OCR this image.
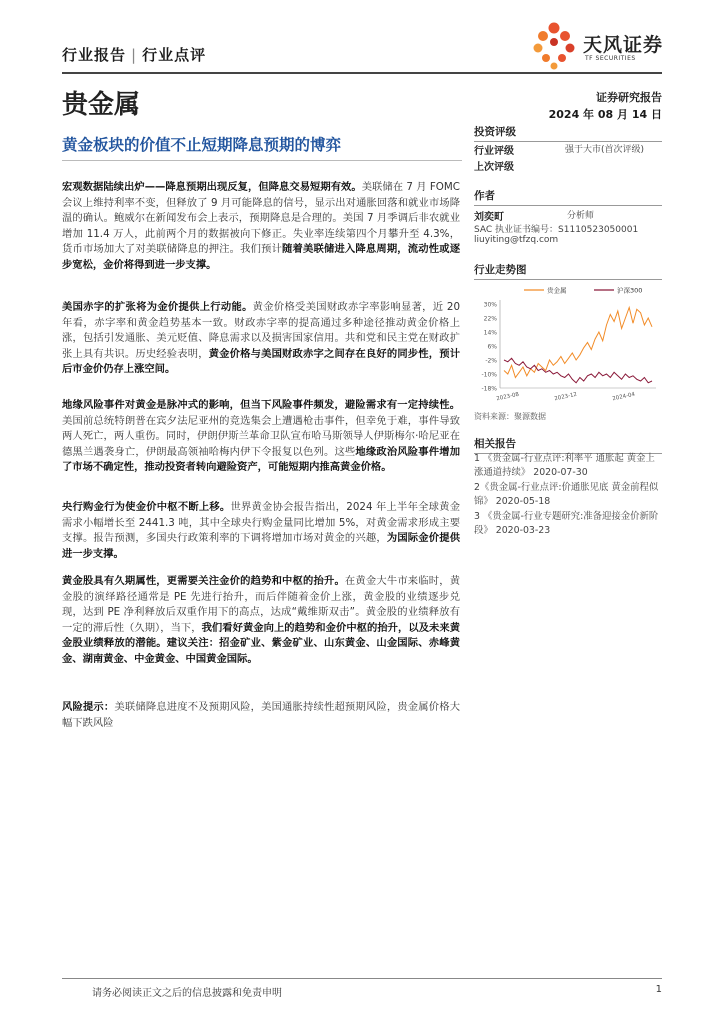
行业报告 | 行业点评	天风证券
TF SECURITIES
贵金属	证券研究报告
2024 年 08 月 14 日
黄金板块的价值不止短期降息预期的博弈
宏观数据陆续出炉——降息预期出现反复，但降息交易短期有效。美联储在 7 月 FOMC 会议上维持利率不变，但释放了 9 月可能降息的信号，显示出对通胀回落和就业市场降温的确认。鲍威尔在新闻发布会上表示，预期降息是合理的。美国 7 月季调后非农就业增加 11.4 万人，此前两个月的数据被向下修正。失业率连续第四个月攀升至 4.3%，货币市场加大了对美联储降息的押注。我们预计随着美联储进入降息周期，流动性或逐步宽松，金价将得到进一步支撑。
美国赤字的扩张将为金价提供上行动能。黄金价格受美国财政赤字率影响显著，近 20 年看，赤字率和黄金趋势基本一致。财政赤字率的提高通过多种途径推动黄金价格上涨，包括引发通胀、美元贬值、降息需求以及损害国家信用。共和党和民主党在财政扩张上具有共识。历史经验表明，黄金价格与美国财政赤字之间存在良好的同步性，预计后市金价仍存上涨空间。
地缘风险事件对黄金是脉冲式的影响，但当下风险事件频发，避险需求有一定持续性。美国前总统特朗普在宾夕法尼亚州的竞选集会上遭遇枪击事件，但幸免于难，事件导致两人死亡，两人重伤。同时，伊朗伊斯兰革命卫队宣布哈马斯领导人伊斯梅尔·哈尼亚在德黑兰遇袭身亡，伊朗最高领袖哈梅内伊下令报复以色列。这些地缘政治风险事件增加了市场不确定性，推动投资者转向避险资产，可能短期内推高黄金价格。
央行购金行为使金价中枢不断上移。世界黄金协会报告指出，2024 年上半年全球黄金需求小幅增长至 2441.3 吨，其中全球央行购金量同比增加 5%，对黄金需求形成主要支撑。报告预测，多国央行政策利率的下调将增加市场对黄金的兴趣，为国际金价提供进一步支撑。
黄金股具有久期属性，更需要关注金价的趋势和中枢的抬升。在黄金大牛市来临时，黄金股的演绎路径通常是 PE 先进行抬升，而后伴随着金价上涨，黄金股的业绩逐步兑现，达到 PE 净利释放后双重作用下的高点，达成“戴维斯双击”。黄金股的业绩释放有一定的滞后性（久期），当下，我们看好黄金向上的趋势和金价中枢的抬升，以及未来黄金股业绩释放的潜能。建议关注：招金矿业、紫金矿业、山东黄金、山金国际、赤峰黄金、湖南黄金、中金黄金、中国黄金国际。
风险提示：美联储降息进度不及预期风险，美国通胀持续性超预期风险，贵金属价格大幅下跌风险
投资评级
行业评级	强于大市(首次评级)
上次评级
作者
刘奕町	分析师
SAC 执业证书编号：S1110523050001
liuyiting@tfzq.com
行业走势图
30%
22%
14%
6%
-2%
-10%
-18%
2023-08	2023-12	2024-04
贵金属	沪深300
资料来源：聚源数据
相关报告
1 《贵金属-行业点评:利率平 通胀起 黄金上涨通道持续》 2020-07-30
2《贵金属-行业点评:价通胀见底 黄金前程似锦》 2020-05-18
3 《贵金属-行业专题研究:准备迎接金价新阶段》 2020-03-23
请务必阅读正文之后的信息披露和免责申明	1
